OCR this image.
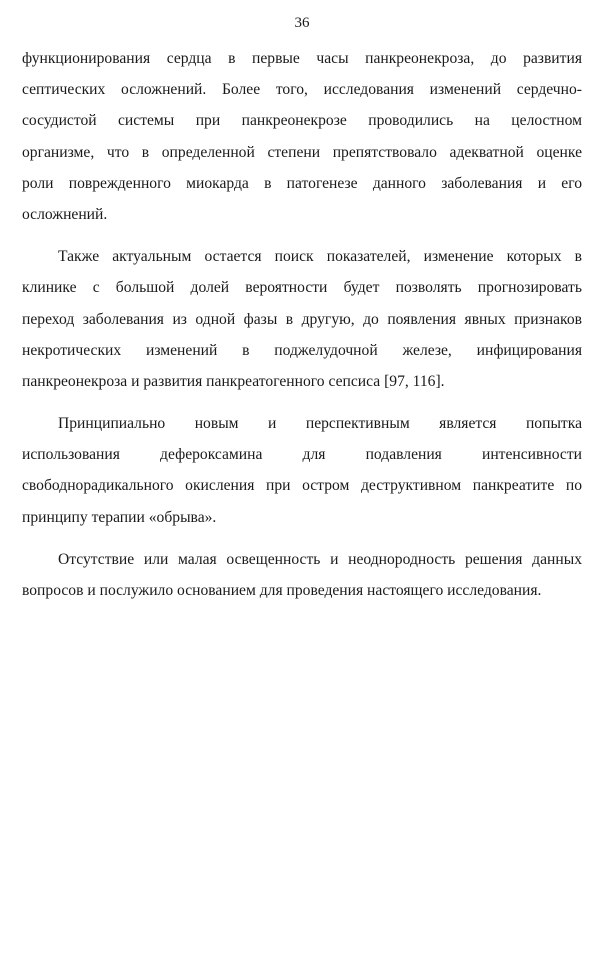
36
функционирования сердца в первые часы панкреонекроза, до развития
септических осложнений. Более того, исследования изменений сердечно-
сосудистой системы при панкреонекрозе проводились на целостном
организме, что в определенной степени препятствовало адекватной оценке
роли поврежденного миокарда в патогенезе данного заболевания и его
осложнений.
Также актуальным остается поиск показателей, изменение которых в
клинике с большой долей вероятности будет позволять прогнозировать
переход заболевания из одной фазы в другую, до появления явных признаков
некротических изменений в поджелудочной железе, инфицирования
панкреонекроза и развития панкреатогенного сепсиса [97, 116].
Принципиально новым и перспективным является попытка
использования дефероксамина для подавления интенсивности
свободнорадикального окисления при остром деструктивном панкреатите по
принципу терапии «обрыва».
Отсутствие или малая освещенность и неоднородность решения данных
вопросов и послужило основанием для проведения настоящего исследования.
